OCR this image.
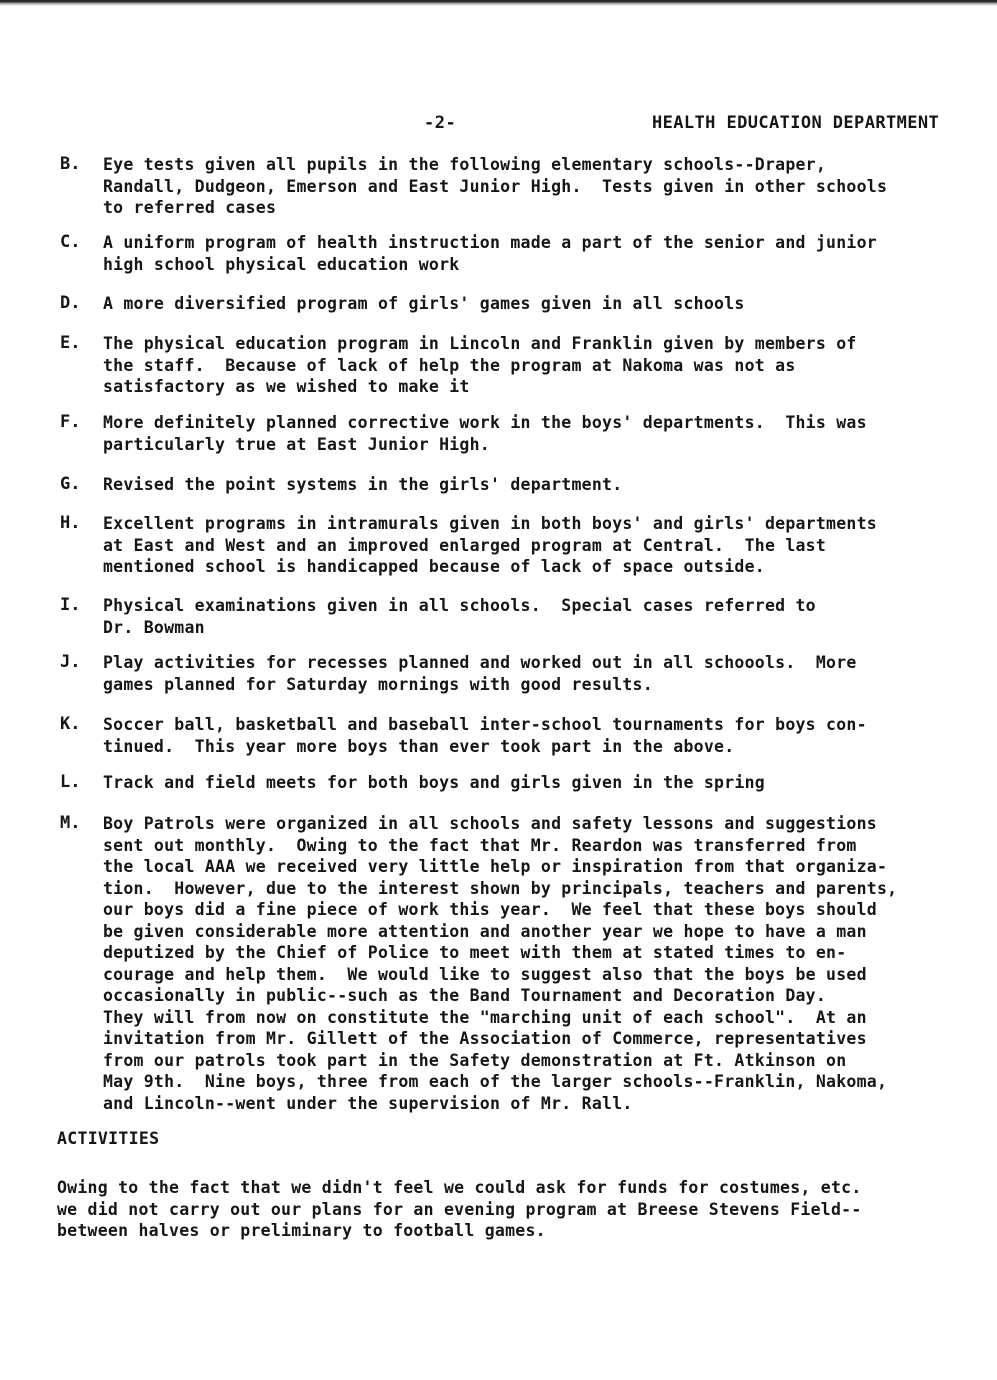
-2-	HEALTH EDUCATION DEPARTMENT
B. Eye tests given all pupils in the following elementary schools--Draper,
Randall, Dudgeon, Emerson and East Junior High.  Tests given in other schools
to referred cases
C. A uniform program of health instruction made a part of the senior and junior
high school physical education work
D. A more diversified program of girls' games given in all schools
E. The physical education program in Lincoln and Franklin given by members of
the staff.  Because of lack of help the program at Nakoma was not as
satisfactory as we wished to make it
F. More definitely planned corrective work in the boys' departments.  This was
particularly true at East Junior High.
G. Revised the point systems in the girls' department.
H. Excellent programs in intramurals given in both boys' and girls' departments
at East and West and an improved enlarged program at Central.  The last
mentioned school is handicapped because of lack of space outside.
I. Physical examinations given in all schools.  Special cases referred to
Dr. Bowman
J. Play activities for recesses planned and worked out in all schoools.  More
games planned for Saturday mornings with good results.
K. Soccer ball, basketball and baseball inter-school tournaments for boys con-
tinued.  This year more boys than ever took part in the above.
L. Track and field meets for both boys and girls given in the spring
M. Boy Patrols were organized in all schools and safety lessons and suggestions
sent out monthly.  Owing to the fact that Mr. Reardon was transferred from
the local AAA we received very little help or inspiration from that organiza-
tion.  However, due to the interest shown by principals, teachers and parents,
our boys did a fine piece of work this year.  We feel that these boys should
be given considerable more attention and another year we hope to have a man
deputized by the Chief of Police to meet with them at stated times to en-
courage and help them.  We would like to suggest also that the boys be used
occasionally in public--such as the Band Tournament and Decoration Day.
They will from now on constitute the "marching unit of each school".  At an
invitation from Mr. Gillett of the Association of Commerce, representatives
from our patrols took part in the Safety demonstration at Ft. Atkinson on
May 9th.  Nine boys, three from each of the larger schools--Franklin, Nakoma,
and Lincoln--went under the supervision of Mr. Rall.
ACTIVITIES
Owing to the fact that we didn't feel we could ask for funds for costumes, etc.
we did not carry out our plans for an evening program at Breese Stevens Field--
between halves or preliminary to football games.
